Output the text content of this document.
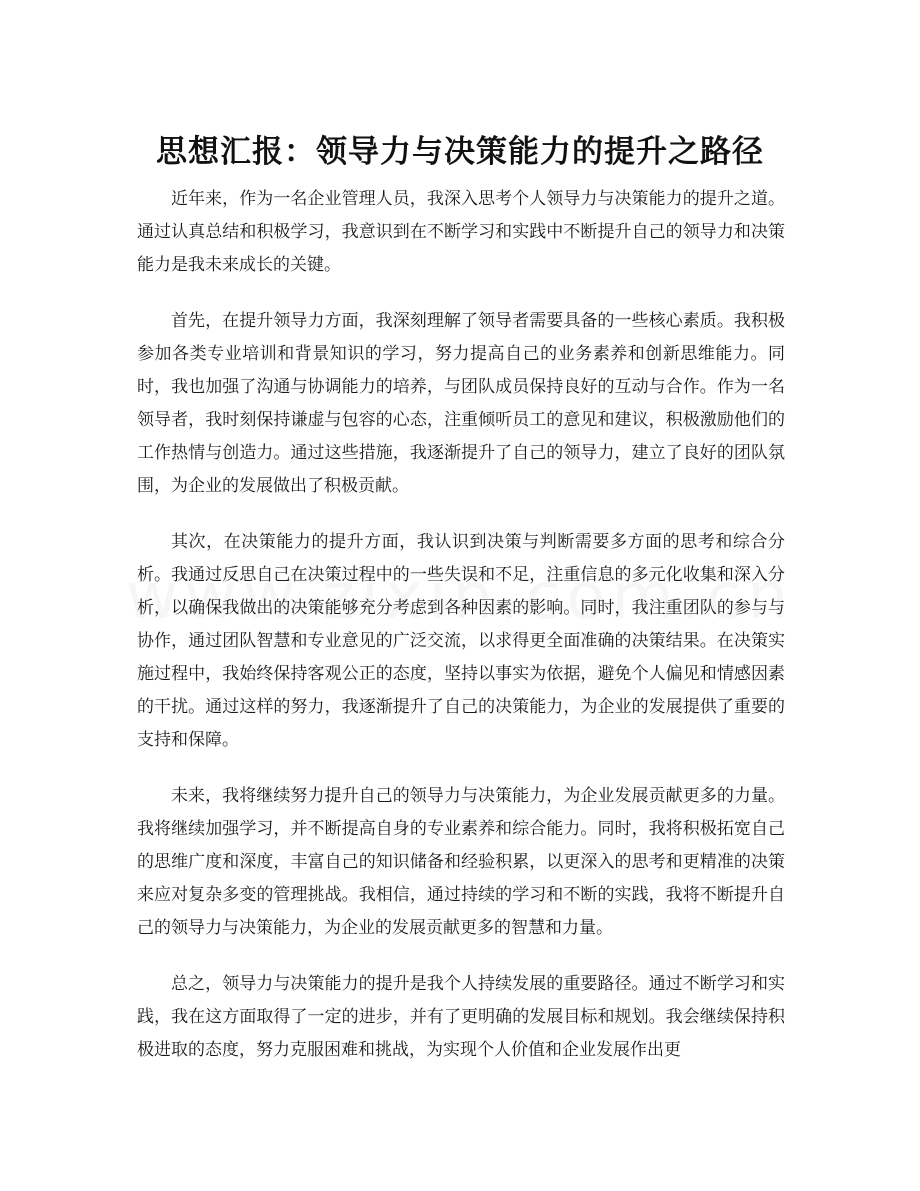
思想汇报：领导力与决策能力的提升之路径

近年来，作为一名企业管理人员，我深入思考个人领导力与决策能力的提升之道。通过认真总结和积极学习，我意识到在不断学习和实践中不断提升自己的领导力和决策能力是我未来成长的关键。

首先，在提升领导力方面，我深刻理解了领导者需要具备的一些核心素质。我积极参加各类专业培训和背景知识的学习，努力提高自己的业务素养和创新思维能力。同时，我也加强了沟通与协调能力的培养，与团队成员保持良好的互动与合作。作为一名领导者，我时刻保持谦虚与包容的心态，注重倾听员工的意见和建议，积极激励他们的工作热情与创造力。通过这些措施，我逐渐提升了自己的领导力，建立了良好的团队氛围，为企业的发展做出了积极贡献。

其次，在决策能力的提升方面，我认识到决策与判断需要多方面的思考和综合分析。我通过反思自己在决策过程中的一些失误和不足，注重信息的多元化收集和深入分析，以确保我做出的决策能够充分考虑到各种因素的影响。同时，我注重团队的参与与协作，通过团队智慧和专业意见的广泛交流，以求得更全面准确的决策结果。在决策实施过程中，我始终保持客观公正的态度，坚持以事实为依据，避免个人偏见和情感因素的干扰。通过这样的努力，我逐渐提升了自己的决策能力，为企业的发展提供了重要的支持和保障。

未来，我将继续努力提升自己的领导力与决策能力，为企业发展贡献更多的力量。我将继续加强学习，并不断提高自身的专业素养和综合能力。同时，我将积极拓宽自己的思维广度和深度，丰富自己的知识储备和经验积累，以更深入的思考和更精准的决策来应对复杂多变的管理挑战。我相信，通过持续的学习和不断的实践，我将不断提升自己的领导力与决策能力，为企业的发展贡献更多的智慧和力量。

总之，领导力与决策能力的提升是我个人持续发展的重要路径。通过不断学习和实践，我在这方面取得了一定的进步，并有了更明确的发展目标和规划。我会继续保持积极进取的态度，努力克服困难和挑战，为实现个人价值和企业发展作出更
